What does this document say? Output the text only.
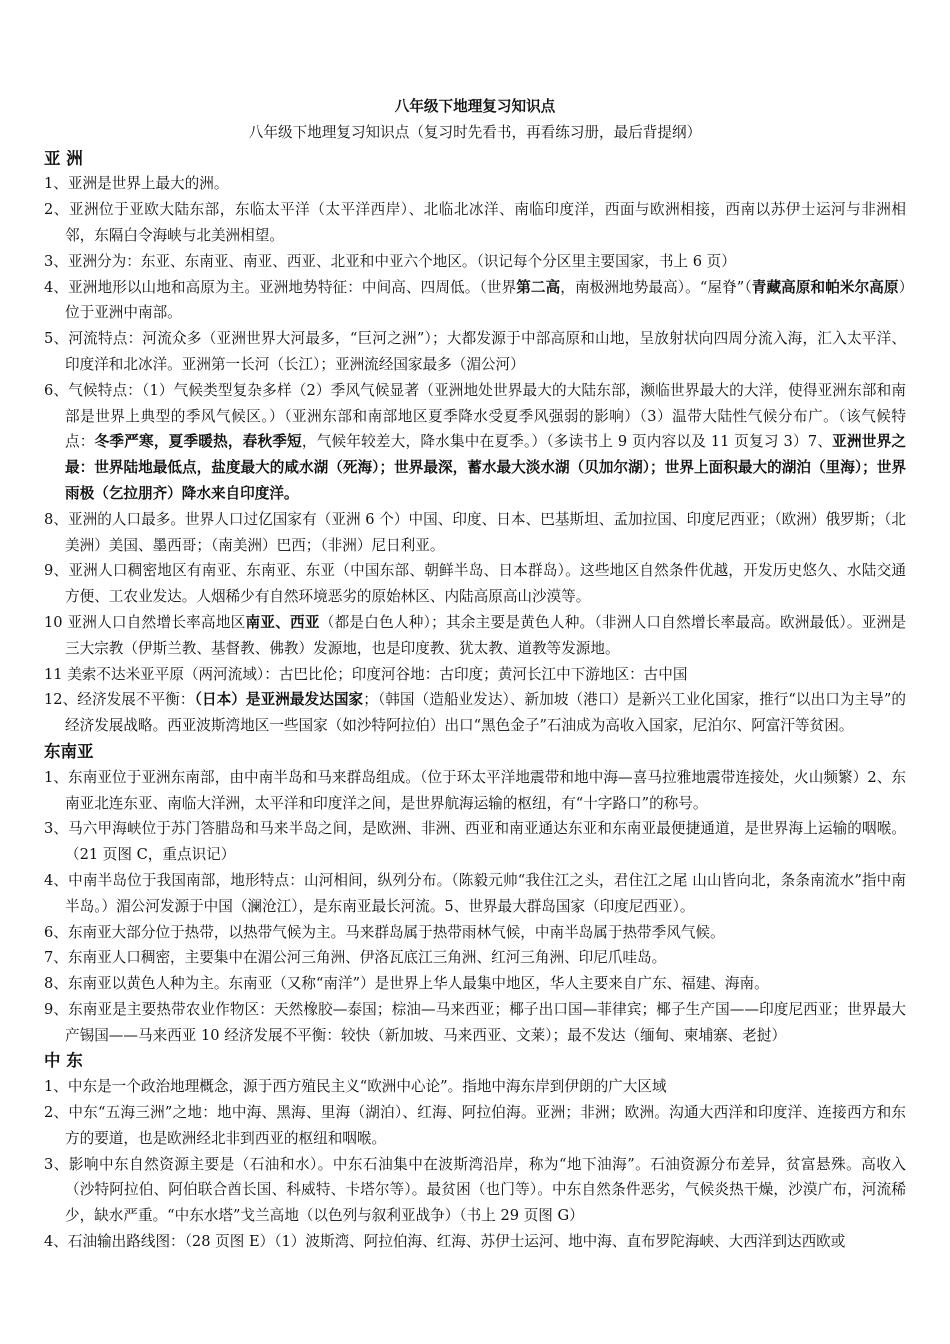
八年级下地理复习知识点

八年级下地理复习知识点（复习时先看书，再看练习册，最后背提纲）

亚 洲

1、亚洲是世界上最大的洲。

2、亚洲位于亚欧大陆东部，东临太平洋（太平洋西岸）、北临北冰洋、南临印度洋，西面与欧洲相接，西南以苏伊士运河与非洲相邻，东隔白令海峡与北美洲相望。

3、亚洲分为：东亚、东南亚、南亚、西亚、北亚和中亚六个地区。（识记每个分区里主要国家，书上 6 页）

4、亚洲地形以山地和高原为主。亚洲地势特征：中间高、四周低。（世界第二高，南极洲地势最高）。“屋脊”（青藏高原和帕米尔高原）位于亚洲中南部。

5、河流特点：河流众多（亚洲世界大河最多，“巨河之洲”）；大都发源于中部高原和山地，呈放射状向四周分流入海，汇入太平洋、印度洋和北冰洋。亚洲第一长河（长江）；亚洲流经国家最多（湄公河）

6、气候特点：（1）气候类型复杂多样（2）季风气候显著（亚洲地处世界最大的大陆东部，濒临世界最大的大洋，使得亚洲东部和南部是世界上典型的季风气候区。）（亚洲东部和南部地区夏季降水受夏季风强弱的影响）（3）温带大陆性气候分布广。（该气候特点：冬季严寒，夏季暖热，春秋季短，气候年较差大，降水集中在夏季。）（多读书上 9 页内容以及 11 页复习 3）7、亚洲世界之最：世界陆地最低点，盐度最大的咸水湖（死海）；世界最深，蓄水最大淡水湖（贝加尔湖）；世界上面积最大的湖泊（里海）；世界雨极（乞拉朋齐）降水来自印度洋。

8、亚洲的人口最多。世界人口过亿国家有（亚洲 6 个）中国、印度、日本、巴基斯坦、孟加拉国、印度尼西亚；（欧洲）俄罗斯；（北美洲）美国、墨西哥；（南美洲）巴西；（非洲）尼日利亚。

9、亚洲人口稠密地区有南亚、东南亚、东亚（中国东部、朝鲜半岛、日本群岛）。这些地区自然条件优越，开发历史悠久、水陆交通方便、工农业发达。人烟稀少有自然环境恶劣的原始林区、内陆高原高山沙漠等。

10 亚洲人口自然增长率高地区南亚、西亚（都是白色人种）；其余主要是黄色人种。（非洲人口自然增长率最高。欧洲最低）。亚洲是三大宗教（伊斯兰教、基督教、佛教）发源地，也是印度教、犹太教、道教等发源地。

11 美索不达米亚平原（两河流域）：古巴比伦；印度河谷地：古印度；黄河长江中下游地区：古中国

12、经济发展不平衡：（日本）是亚洲最发达国家；（韩国（造船业发达）、新加坡（港口）是新兴工业化国家，推行“以出口为主导”的经济发展战略。西亚波斯湾地区一些国家（如沙特阿拉伯）出口“黑色金子”石油成为高收入国家，尼泊尔、阿富汗等贫困。

东南亚

1、东南亚位于亚洲东南部，由中南半岛和马来群岛组成。（位于环太平洋地震带和地中海—喜马拉雅地震带连接处，火山频繁）2、东南亚北连东亚、南临大洋洲，太平洋和印度洋之间，是世界航海运输的枢纽，有“十字路口”的称号。

3、马六甲海峡位于苏门答腊岛和马来半岛之间，是欧洲、非洲、西亚和南亚通达东亚和东南亚最便捷通道，是世界海上运输的咽喉。（21 页图 C，重点识记）

4、中南半岛位于我国南部，地形特点：山河相间，纵列分布。（陈毅元帅“我住江之头，君住江之尾 山山皆向北，条条南流水”指中南半岛。）湄公河发源于中国（澜沧江），是东南亚最长河流。5、世界最大群岛国家（印度尼西亚）。

6、东南亚大部分位于热带，以热带气候为主。马来群岛属于热带雨林气候，中南半岛属于热带季风气候。

7、东南亚人口稠密，主要集中在湄公河三角洲、伊洛瓦底江三角洲、红河三角洲、印尼爪哇岛。

8、东南亚以黄色人种为主。东南亚（又称“南洋”）是世界上华人最集中地区，华人主要来自广东、福建、海南。

9、东南亚是主要热带农业作物区：天然橡胶—泰国；棕油—马来西亚；椰子出口国—菲律宾；椰子生产国——印度尼西亚；世界最大产锡国——马来西亚 10 经济发展不平衡：较快（新加坡、马来西亚、文莱）；最不发达（缅甸、柬埔寨、老挝）

中 东

1、中东是一个政治地理概念，源于西方殖民主义“欧洲中心论”。指地中海东岸到伊朗的广大区域

2、中东“五海三洲”之地：地中海、黑海、里海（湖泊）、红海、阿拉伯海。亚洲；非洲；欧洲。沟通大西洋和印度洋、连接西方和东方的要道，也是欧洲经北非到西亚的枢纽和咽喉。

3、影响中东自然资源主要是（石油和水）。中东石油集中在波斯湾沿岸，称为“地下油海”。石油资源分布差异，贫富悬殊。高收入（沙特阿拉伯、阿伯联合酋长国、科威特、卡塔尔等）。最贫困（也门等）。中东自然条件恶劣，气候炎热干燥，沙漠广布，河流稀少，缺水严重。“中东水塔”戈兰高地（以色列与叙利亚战争）（书上 29 页图 G）

4、石油输出路线图：（28 页图 E）（1）波斯湾、阿拉伯海、红海、苏伊士运河、地中海、直布罗陀海峡、大西洋到达西欧或
